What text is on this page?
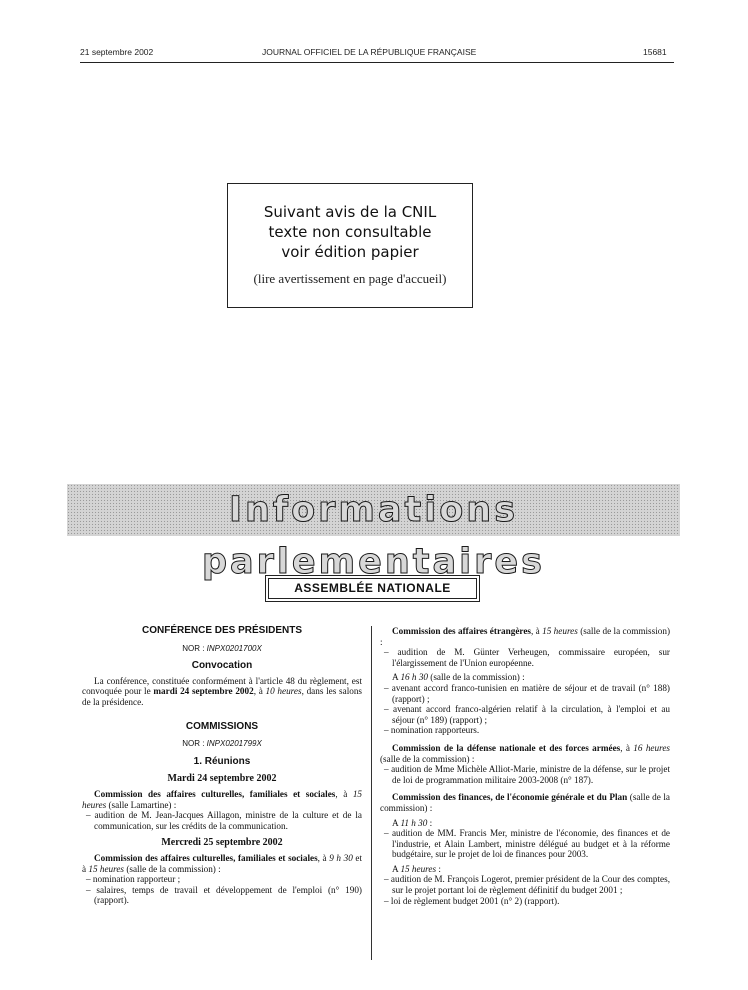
21 septembre 2002	JOURNAL OFFICIEL DE LA RÉPUBLIQUE FRANÇAISE	15681
Suivant avis de la CNIL
texte non consultable
voir édition papier
(lire avertissement en page d'accueil)
Informations parlementaires
ASSEMBLÉE NATIONALE
CONFÉRENCE DES PRÉSIDENTS
NOR : INPX0201700X
Convocation

La conférence, constituée conformément à l'article 48 du règlement, est convoquée pour le mardi 24 septembre 2002, à 10 heures, dans les salons de la présidence.

COMMISSIONS
NOR : INPX0201799X
1. Réunions
Mardi 24 septembre 2002

Commission des affaires culturelles, familiales et sociales, à 15 heures (salle Lamartine) :

– audition de M. Jean-Jacques Aillagon, ministre de la culture et de la communication, sur les crédits de la communication.

Mercredi 25 septembre 2002

Commission des affaires culturelles, familiales et sociales, à 9 h 30 et à 15 heures (salle de la commission) :

– nomination rapporteur ;

– salaires, temps de travail et développement de l'emploi (n° 190) (rapport).

Commission des affaires étrangères, à 15 heures (salle de la commission) :

– audition de M. Günter Verheugen, commissaire européen, sur l'élargissement de l'Union européenne.

A 16 h 30 (salle de la commission) :

– avenant accord franco-tunisien en matière de séjour et de travail (n° 188) (rapport) ;

– avenant accord franco-algérien relatif à la circulation, à l'emploi et au séjour (n° 189) (rapport) ;

– nomination rapporteurs.

Commission de la défense nationale et des forces armées, à 16 heures (salle de la commission) :

– audition de Mme Michèle Alliot-Marie, ministre de la défense, sur le projet de loi de programmation militaire 2003-2008 (n° 187).

Commission des finances, de l'économie générale et du Plan (salle de la commission) :

A 11 h 30 :

– audition de MM. Francis Mer, ministre de l'économie, des finances et de l'industrie, et Alain Lambert, ministre délégué au budget et à la réforme budgétaire, sur le projet de loi de finances pour 2003.

A 15 heures :

– audition de M. François Logerot, premier président de la Cour des comptes, sur le projet portant loi de règlement définitif du budget 2001 ;

– loi de règlement budget 2001 (n° 2) (rapport).
